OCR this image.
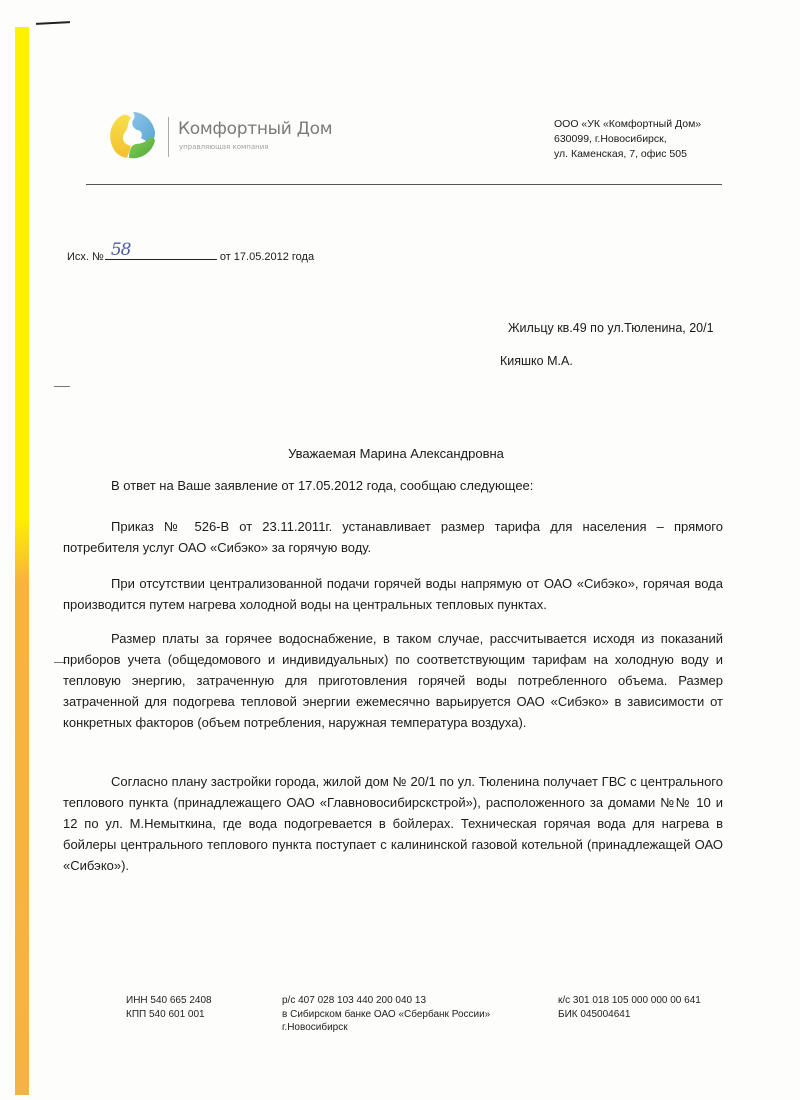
Комфортный Дом
управляющая компания
ООО «УК «Комфортный Дом»
630099, г.Новосибирск,
ул. Каменская, 7, офис 505
Исх. № 58	от 17.05.2012 года
Жильцу кв.49 по ул.Тюленина, 20/1
Кияшко М.А.
Уважаемая Марина Александровна

В ответ на Ваше заявление от 17.05.2012 года, сообщаю следующее:

Приказ № 526-В от 23.11.2011г. устанавливает размер тарифа для населения – прямого потребителя услуг ОАО «Сибэко» за горячую воду.

При отсутствии централизованной подачи горячей воды напрямую от ОАО «Сибэко», горячая вода производится путем нагрева холодной воды на центральных тепловых пунктах.

Размер платы за горячее водоснабжение, в таком случае, рассчитывается исходя из показаний приборов учета (общедомового и индивидуальных) по соответствующим тарифам на холодную воду и тепловую энергию, затраченную для приготовления горячей воды потребленного объема. Размер затраченной для подогрева тепловой энергии ежемесячно варьируется ОАО «Сибэко» в зависимости от конкретных факторов (объем потребления, наружная температура воздуха).

Согласно плану застройки города, жилой дом № 20/1 по ул. Тюленина получает ГВС с центрального теплового пункта (принадлежащего ОАО «Главновосибирскстрой»), расположенного за домами №№ 10 и 12 по ул. М.Немыткина, где вода подогревается в бойлерах. Техническая горячая вода для нагрева в бойлеры центрального теплового пункта поступает с калининской газовой котельной (принадлежащей ОАО «Сибэко»).

ИНН 540 665 2408
КПП 540 601 001
р/с 407 028 103 440 200 040 13
в Сибирском банке ОАО «Сбербанк России»
г.Новосибирск
к/с 301 018 105 000 000 00 641
БИК 045004641
